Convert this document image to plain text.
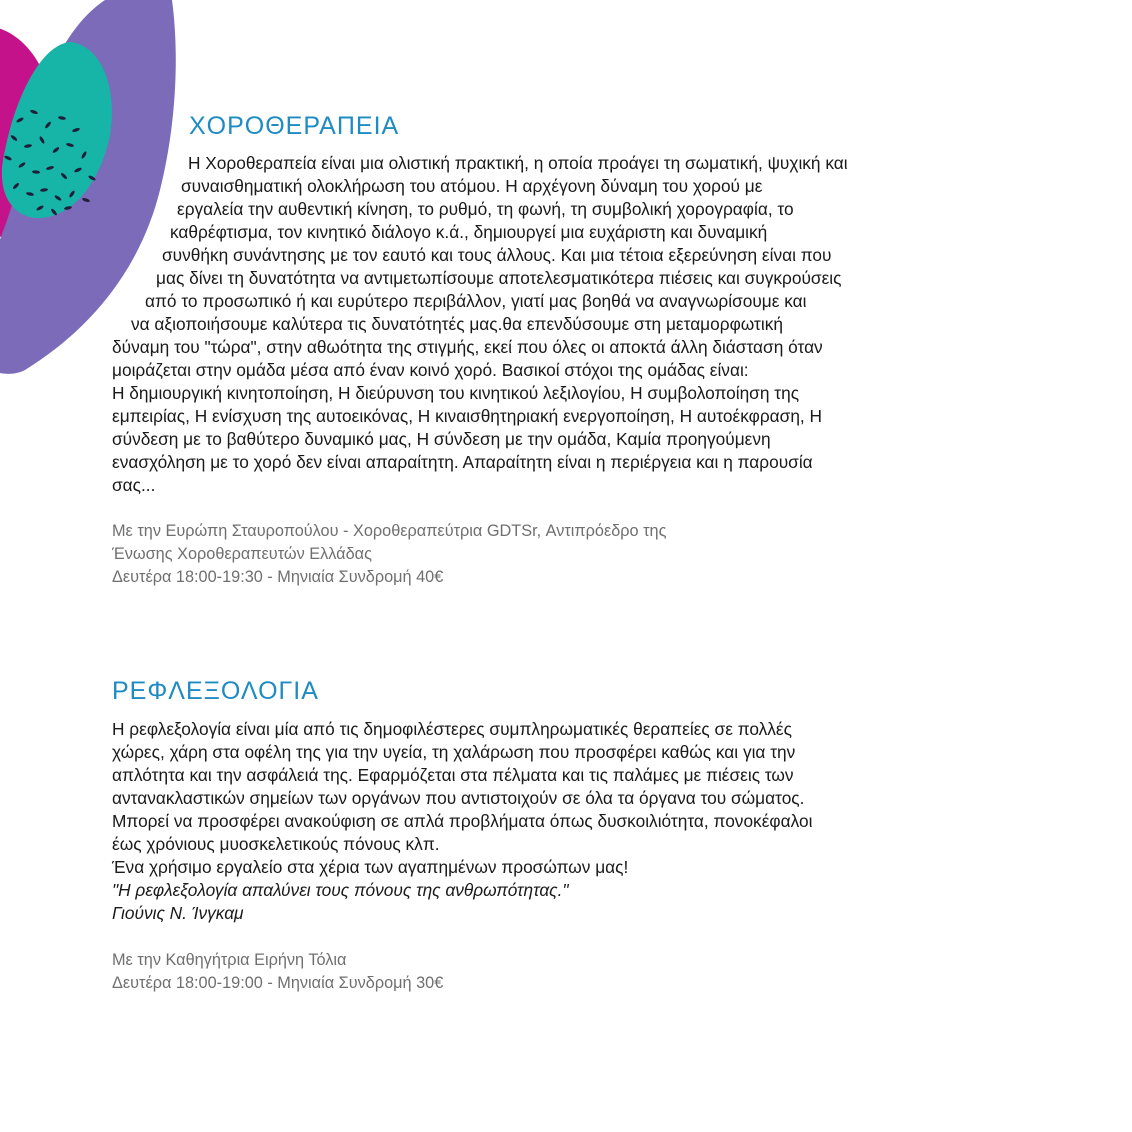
ΧΟΡΟΘΕΡΑΠΕΙΑ
Η Χοροθεραπεία είναι μια ολιστική πρακτική, η οποία προάγει τη σωματική, ψυχική και
συναισθηματική ολοκλήρωση του ατόμου. Η αρχέγονη δύναμη του χορού με
εργαλεία την αυθεντική κίνηση, το ρυθμό, τη φωνή, τη συμβολική χορογραφία, το
καθρέφτισμα, τον κινητικό διάλογο κ.ά., δημιουργεί μια ευχάριστη και δυναμική
συνθήκη συνάντησης με τον εαυτό και τους άλλους. Και μια τέτοια εξερεύνηση είναι που
μας δίνει τη δυνατότητα να αντιμετωπίσουμε αποτελεσματικότερα πιέσεις και συγκρούσεις
από το προσωπικό ή και ευρύτερο περιβάλλον, γιατί μας βοηθά να αναγνωρίσουμε και
να αξιοποιήσουμε καλύτερα τις δυνατότητές μας.θα επενδύσουμε στη μεταμορφωτική
δύναμη του "τώρα", στην αθωότητα της στιγμής, εκεί που όλες οι αποκτά άλλη διάσταση όταν
μοιράζεται στην ομάδα μέσα από έναν κοινό χορό. Βασικοί στόχοι της ομάδας είναι:
Η δημιουργική κινητοποίηση, Η διεύρυνση του κινητικού λεξιλογίου, Η συμβολοποίηση της
εμπειρίας, Η ενίσχυση της αυτοεικόνας, Η κιναισθητηριακή ενεργοποίηση, Η αυτοέκφραση, Η
σύνδεση με το βαθύτερο δυναμικό μας, Η σύνδεση με την ομάδα, Καμία προηγούμενη
ενασχόληση με το χορό δεν είναι απαραίτητη. Απαραίτητη είναι η περιέργεια και η παρουσία
σας...
Με την Ευρώπη Σταυροπούλου - Χοροθεραπεύτρια GDTSr, Αντιπρόεδρο της
Ένωσης Χοροθεραπευτών Ελλάδας
Δευτέρα 18:00-19:30 - Μηνιαία Συνδρομή 40€
ΡΕΦΛΕΞΟΛΟΓΙΑ
Η ρεφλεξολογία είναι μία από τις δημοφιλέστερες συμπληρωματικές θεραπείες σε πολλές
χώρες, χάρη στα οφέλη της για την υγεία, τη χαλάρωση που προσφέρει καθώς και για την
απλότητα και την ασφάλειά της. Εφαρμόζεται στα πέλματα και τις παλάμες με πιέσεις των
αντανακλαστικών σημείων των οργάνων που αντιστοιχούν σε όλα τα όργανα του σώματος.
Μπορεί να προσφέρει ανακούφιση σε απλά προβλήματα όπως δυσκοιλιότητα, πονοκέφαλοι
έως χρόνιους μυοσκελετικούς πόνους κλπ.
Ένα χρήσιμο εργαλείο στα χέρια των αγαπημένων προσώπων μας!
"Η ρεφλεξολογία απαλύνει τους πόνους της ανθρωπότητας."
Γιούνις Ν. Ίνγκαμ
Με την Καθηγήτρια Ειρήνη Τόλια
Δευτέρα 18:00-19:00 - Μηνιαία Συνδρομή 30€
